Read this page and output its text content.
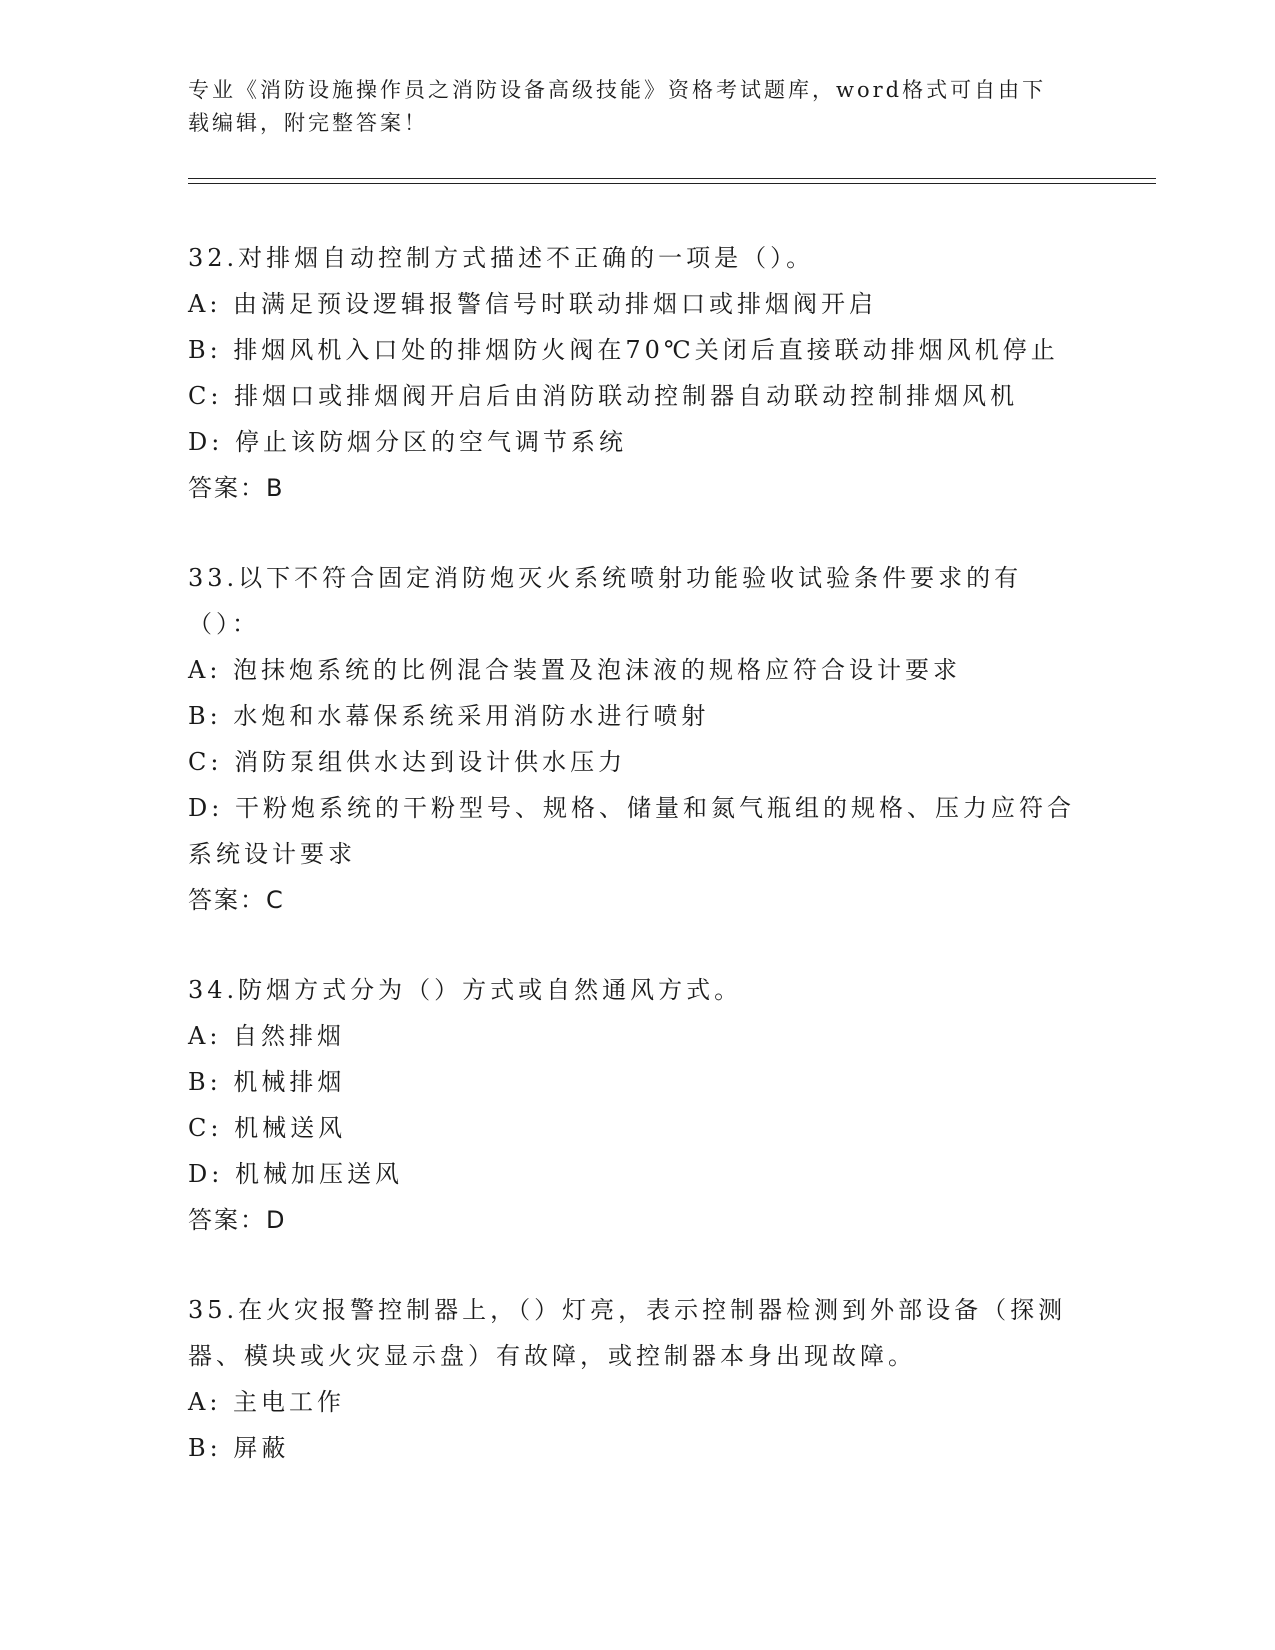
专业《消防设施操作员之消防设备高级技能》资格考试题库，word格式可自由下载编辑，附完整答案！
32.对排烟自动控制方式描述不正确的一项是（）。
A: 由满足预设逻辑报警信号时联动排烟口或排烟阀开启
B: 排烟风机入口处的排烟防火阀在70℃关闭后直接联动排烟风机停止
C: 排烟口或排烟阀开启后由消防联动控制器自动联动控制排烟风机
D: 停止该防烟分区的空气调节系统
答案：B
33.以下不符合固定消防炮灭火系统喷射功能验收试验条件要求的有（）：
A: 泡抹炮系统的比例混合装置及泡沫液的规格应符合设计要求
B: 水炮和水幕保系统采用消防水进行喷射
C: 消防泵组供水达到设计供水压力
D: 干粉炮系统的干粉型号、规格、储量和氮气瓶组的规格、压力应符合系统设计要求
答案：C
34.防烟方式分为（）方式或自然通风方式。
A: 自然排烟
B: 机械排烟
C: 机械送风
D: 机械加压送风
答案：D
35.在火灾报警控制器上，（）灯亮，表示控制器检测到外部设备（探测器、模块或火灾显示盘）有故障，或控制器本身出现故障。
A: 主电工作
B: 屏蔽
